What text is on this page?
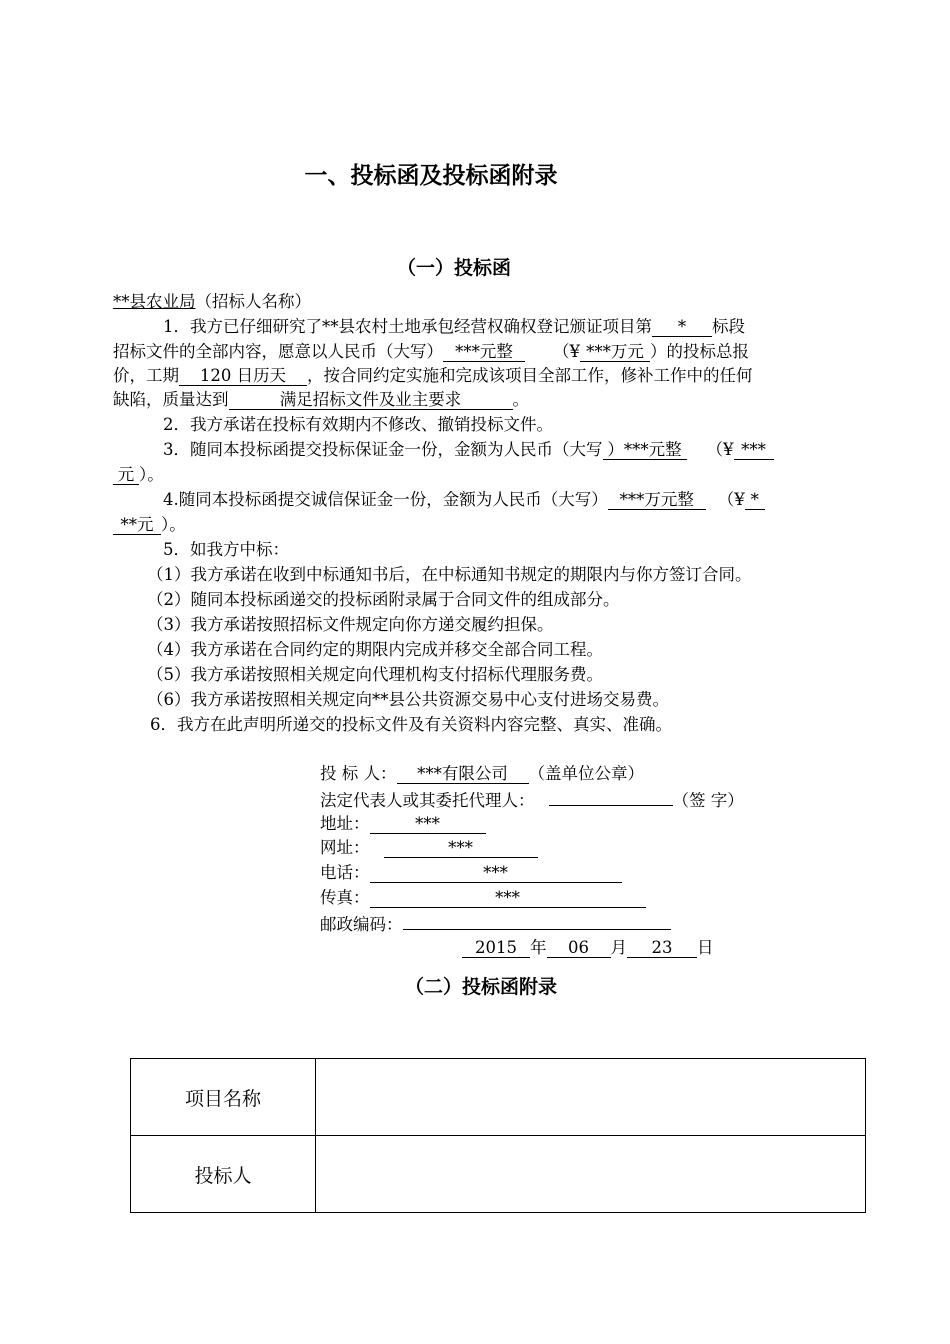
一、投标函及投标函附录
（一）投标函
**县农业局（招标人名称）
1．我方已仔细研究了**县农村土地承包经营权确权登记颁证项目第 * 标段
招标文件的全部内容，愿意以人民币（大写） ***元整 （¥ ***万元 ）的投标总报
价，工期 120 日历天 ，按合同约定实施和完成该项目全部工作，修补工作中的任何
缺陷，质量达到	满足招标文件及业主要求	。
2．我方承诺在投标有效期内不修改、撤销投标文件。
3．随同本投标函提交投标保证金一份，金额为人民币（大写 ）***元整 （¥ ***
元 ）。
4.随同本投标函提交诚信保证金一份，金额为人民币（大写） ***万元整 （¥ *
**元 ）。
5．如我方中标：
（1）我方承诺在收到中标通知书后，在中标通知书规定的期限内与你方签订合同。
（2）随同本投标函递交的投标函附录属于合同文件的组成部分。
（3）我方承诺按照招标文件规定向你方递交履约担保。
（4）我方承诺在合同约定的期限内完成并移交全部合同工程。
（5）我方承诺按照相关规定向代理机构支付招标代理服务费。
（6）我方承诺按照相关规定向**县公共资源交易中心支付进场交易费。
6．我方在此声明所递交的投标文件及有关资料内容完整、真实、准确。
投 标 人： ***有限公司 （盖单位公章）
法定代表人或其委托代理人：	（签 字）
地址：	***
网址：	***
电话：	***
传真：	***
邮政编码：
2015 年 06 月 23 日
（二）投标函附录
项目名称	
投标人	
